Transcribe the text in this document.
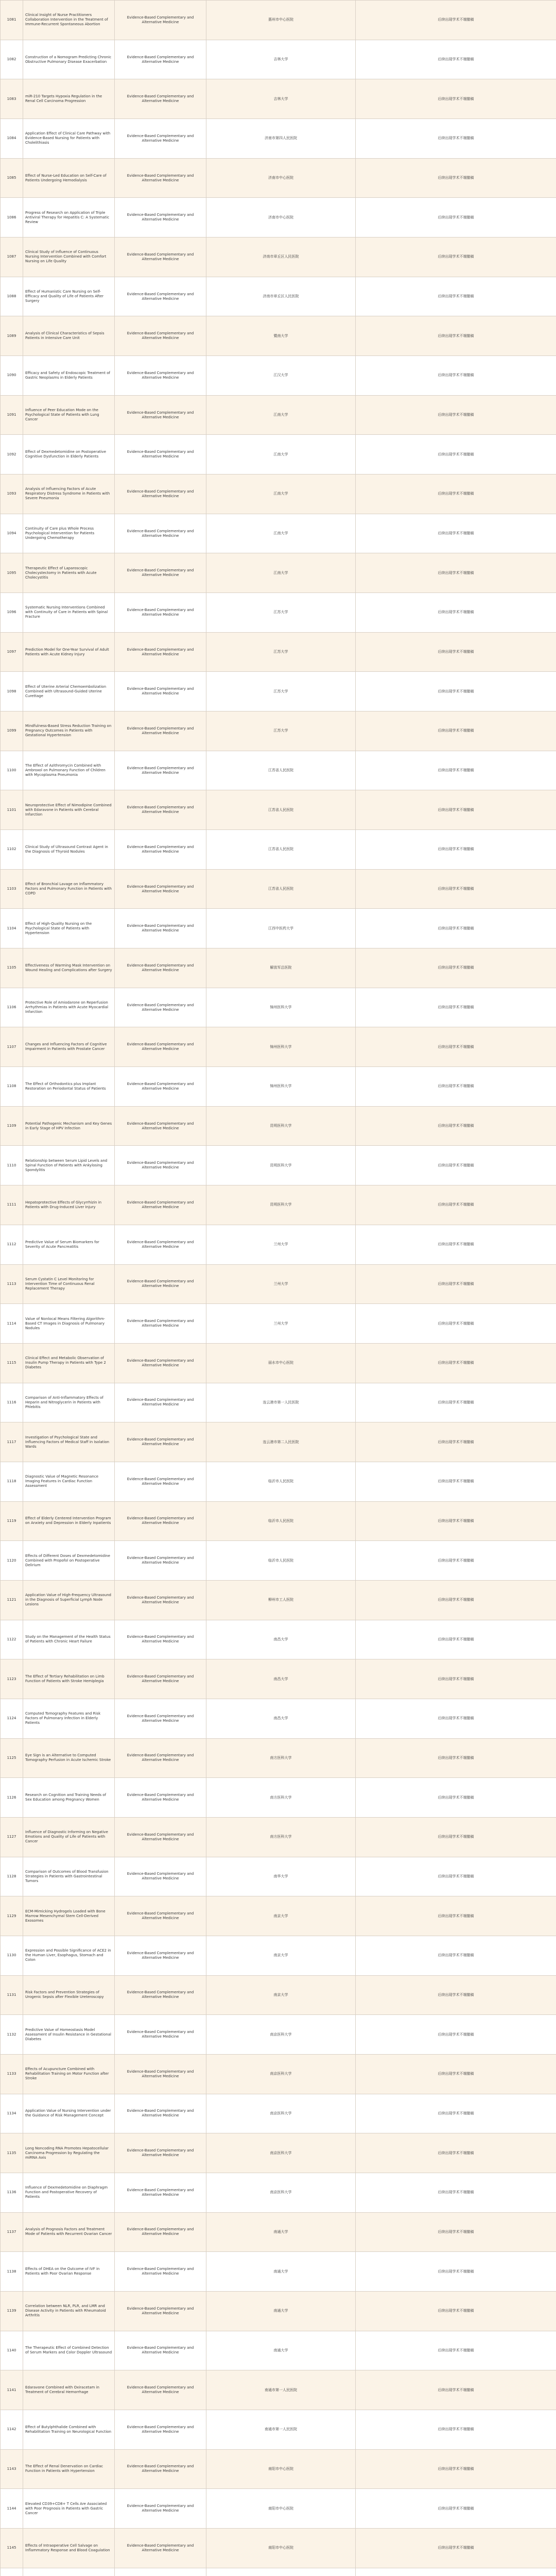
1081	Clinical Insight of Nurse Practitioners Collaboration Intervention in the Treatment of Immune-Recurrent Spontaneous Abortion	Evidence-Based Complementary and Alternative Medicine	惠州市中心医院	后续出现学术不端撤稿
1082	Construction of a Nomogram Predicting Chronic Obstructive Pulmonary Disease Exacerbation	Evidence-Based Complementary and Alternative Medicine	吉林大学	后续出现学术不端撤稿
1083	miR-210 Targets Hypoxia Regulation in the Renal Cell Carcinoma Progression	Evidence-Based Complementary and Alternative Medicine	吉林大学	后续出现学术不端撤稿
1084	Application Effect of Clinical Care Pathway with Evidence-Based Nursing for Patients with Cholelithiasis	Evidence-Based Complementary and Alternative Medicine	济南市第四人民医院	后续出现学术不端撤稿
1085	Effect of Nurse-Led Education on Self-Care of Patients Undergoing Hemodialysis	Evidence-Based Complementary and Alternative Medicine	济南市中心医院	后续出现学术不端撤稿
1086	Progress of Research on Application of Triple Antiviral Therapy for Hepatitis C: A Systematic Review	Evidence-Based Complementary and Alternative Medicine	济南市中心医院	后续出现学术不端撤稿
1087	Clinical Study of Influence of Continuous Nursing Intervention Combined with Comfort Nursing on Life Quality	Evidence-Based Complementary and Alternative Medicine	济南市章丘区人民医院	后续出现学术不端撤稿
1088	Effect of Humanistic Care Nursing on Self-Efficacy and Quality of Life of Patients After Surgery	Evidence-Based Complementary and Alternative Medicine	济南市章丘区人民医院	后续出现学术不端撤稿
1089	Analysis of Clinical Characteristics of Sepsis Patients in Intensive Care Unit	Evidence-Based Complementary and Alternative Medicine	暨南大学	后续出现学术不端撤稿
1090	Efficacy and Safety of Endoscopic Treatment of Gastric Neoplasms in Elderly Patients	Evidence-Based Complementary and Alternative Medicine	江汉大学	后续出现学术不端撤稿
1091	Influence of Peer Education Mode on the Psychological State of Patients with Lung Cancer	Evidence-Based Complementary and Alternative Medicine	江南大学	后续出现学术不端撤稿
1092	Effect of Dexmedetomidine on Postoperative Cognitive Dysfunction in Elderly Patients	Evidence-Based Complementary and Alternative Medicine	江南大学	后续出现学术不端撤稿
1093	Analysis of Influencing Factors of Acute Respiratory Distress Syndrome in Patients with Severe Pneumonia	Evidence-Based Complementary and Alternative Medicine	江南大学	后续出现学术不端撤稿
1094	Continuity of Care plus Whole Process Psychological Intervention for Patients Undergoing Chemotherapy	Evidence-Based Complementary and Alternative Medicine	江南大学	后续出现学术不端撤稿
1095	Therapeutic Effect of Laparoscopic Cholecystectomy in Patients with Acute Cholecystitis	Evidence-Based Complementary and Alternative Medicine	江南大学	后续出现学术不端撤稿
1096	Systematic Nursing Interventions Combined with Continuity of Care in Patients with Spinal Fracture	Evidence-Based Complementary and Alternative Medicine	江苏大学	后续出现学术不端撤稿
1097	Prediction Model for One-Year Survival of Adult Patients with Acute Kidney Injury	Evidence-Based Complementary and Alternative Medicine	江苏大学	后续出现学术不端撤稿
1098	Effect of Uterine Arterial Chemoembolization Combined with Ultrasound-Guided Uterine Curettage	Evidence-Based Complementary and Alternative Medicine	江苏大学	后续出现学术不端撤稿
1099	Mindfulness-Based Stress Reduction Training on Pregnancy Outcomes in Patients with Gestational Hypertension	Evidence-Based Complementary and Alternative Medicine	江苏大学	后续出现学术不端撤稿
1100	The Effect of Azithromycin Combined with Ambroxol on Pulmonary Function of Children with Mycoplasma Pneumonia	Evidence-Based Complementary and Alternative Medicine	江苏省人民医院	后续出现学术不端撤稿
1101	Neuroprotective Effect of Nimodipine Combined with Edaravone in Patients with Cerebral Infarction	Evidence-Based Complementary and Alternative Medicine	江苏省人民医院	后续出现学术不端撤稿
1102	Clinical Study of Ultrasound Contrast Agent in the Diagnosis of Thyroid Nodules	Evidence-Based Complementary and Alternative Medicine	江苏省人民医院	后续出现学术不端撤稿
1103	Effect of Bronchial Lavage on Inflammatory Factors and Pulmonary Function in Patients with COPD	Evidence-Based Complementary and Alternative Medicine	江苏省人民医院	后续出现学术不端撤稿
1104	Effect of High-Quality Nursing on the Psychological State of Patients with Hypertension	Evidence-Based Complementary and Alternative Medicine	江西中医药大学	后续出现学术不端撤稿
1105	Effectiveness of Warming Mask Intervention on Wound Healing and Complications after Surgery	Evidence-Based Complementary and Alternative Medicine	解放军总医院	后续出现学术不端撤稿
1106	Protective Role of Amiodarone on Reperfusion Arrhythmias in Patients with Acute Myocardial Infarction	Evidence-Based Complementary and Alternative Medicine	锦州医科大学	后续出现学术不端撤稿
1107	Changes and Influencing Factors of Cognitive Impairment in Patients with Prostate Cancer	Evidence-Based Complementary and Alternative Medicine	锦州医科大学	后续出现学术不端撤稿
1108	The Effect of Orthodontics plus Implant Restoration on Periodontal Status of Patients	Evidence-Based Complementary and Alternative Medicine	锦州医科大学	后续出现学术不端撤稿
1109	Potential Pathogenic Mechanism and Key Genes in Early Stage of HPV Infection	Evidence-Based Complementary and Alternative Medicine	昆明医科大学	后续出现学术不端撤稿
1110	Relationship between Serum Lipid Levels and Spinal Function of Patients with Ankylosing Spondylitis	Evidence-Based Complementary and Alternative Medicine	昆明医科大学	后续出现学术不端撤稿
1111	Hepatoprotective Effects of Glycyrrhizin in Patients with Drug-Induced Liver Injury	Evidence-Based Complementary and Alternative Medicine	昆明医科大学	后续出现学术不端撤稿
1112	Predictive Value of Serum Biomarkers for Severity of Acute Pancreatitis	Evidence-Based Complementary and Alternative Medicine	兰州大学	后续出现学术不端撤稿
1113	Serum Cystatin C Level Monitoring for Intervention Time of Continuous Renal Replacement Therapy	Evidence-Based Complementary and Alternative Medicine	兰州大学	后续出现学术不端撤稿
1114	Value of Nonlocal Means Filtering Algorithm-Based CT Images in Diagnosis of Pulmonary Nodules	Evidence-Based Complementary and Alternative Medicine	兰州大学	后续出现学术不端撤稿
1115	Clinical Effect and Metabolic Observation of Insulin Pump Therapy in Patients with Type 2 Diabetes	Evidence-Based Complementary and Alternative Medicine	丽水市中心医院	后续出现学术不端撤稿
1116	Comparison of Anti-Inflammatory Effects of Heparin and Nitroglycerin in Patients with Phlebitis	Evidence-Based Complementary and Alternative Medicine	连云港市第一人民医院	后续出现学术不端撤稿
1117	Investigation of Psychological State and Influencing Factors of Medical Staff in Isolation Wards	Evidence-Based Complementary and Alternative Medicine	连云港市第二人民医院	后续出现学术不端撤稿
1118	Diagnostic Value of Magnetic Resonance Imaging Features in Cardiac Function Assessment	Evidence-Based Complementary and Alternative Medicine	临沂市人民医院	后续出现学术不端撤稿
1119	Effect of Elderly Centered Intervention Program on Anxiety and Depression in Elderly Inpatients	Evidence-Based Complementary and Alternative Medicine	临沂市人民医院	后续出现学术不端撤稿
1120	Effects of Different Doses of Dexmedetomidine Combined with Propofol on Postoperative Delirium	Evidence-Based Complementary and Alternative Medicine	临沂市人民医院	后续出现学术不端撤稿
1121	Application Value of High-Frequency Ultrasound in the Diagnosis of Superficial Lymph Node Lesions	Evidence-Based Complementary and Alternative Medicine	柳州市工人医院	后续出现学术不端撤稿
1122	Study on the Management of the Health Status of Patients with Chronic Heart Failure	Evidence-Based Complementary and Alternative Medicine	南昌大学	后续出现学术不端撤稿
1123	The Effect of Tertiary Rehabilitation on Limb Function of Patients with Stroke Hemiplegia	Evidence-Based Complementary and Alternative Medicine	南昌大学	后续出现学术不端撤稿
1124	Computed Tomography Features and Risk Factors of Pulmonary Infection in Elderly Patients	Evidence-Based Complementary and Alternative Medicine	南昌大学	后续出现学术不端撤稿
1125	Eye Sign is an Alternative to Computed Tomography Perfusion in Acute Ischemic Stroke	Evidence-Based Complementary and Alternative Medicine	南方医科大学	后续出现学术不端撤稿
1126	Research on Cognition and Training Needs of Sex Education among Pregnancy Women	Evidence-Based Complementary and Alternative Medicine	南方医科大学	后续出现学术不端撤稿
1127	Influence of Diagnostic Informing on Negative Emotions and Quality of Life of Patients with Cancer	Evidence-Based Complementary and Alternative Medicine	南方医科大学	后续出现学术不端撤稿
1128	Comparison of Outcomes of Blood Transfusion Strategies in Patients with Gastrointestinal Tumors	Evidence-Based Complementary and Alternative Medicine	南华大学	后续出现学术不端撤稿
1129	ECM-Mimicking Hydrogels Loaded with Bone Marrow Mesenchymal Stem Cell-Derived Exosomes	Evidence-Based Complementary and Alternative Medicine	南京大学	后续出现学术不端撤稿
1130	Expression and Possible Significance of ACE2 in the Human Liver, Esophagus, Stomach and Colon	Evidence-Based Complementary and Alternative Medicine	南京大学	后续出现学术不端撤稿
1131	Risk Factors and Prevention Strategies of Urogenic Sepsis after Flexible Ureteroscopy	Evidence-Based Complementary and Alternative Medicine	南京大学	后续出现学术不端撤稿
1132	Predictive Value of Homeostasis Model Assessment of Insulin Resistance in Gestational Diabetes	Evidence-Based Complementary and Alternative Medicine	南京医科大学	后续出现学术不端撤稿
1133	Effects of Acupuncture Combined with Rehabilitation Training on Motor Function after Stroke	Evidence-Based Complementary and Alternative Medicine	南京医科大学	后续出现学术不端撤稿
1134	Application Value of Nursing Intervention under the Guidance of Risk Management Concept	Evidence-Based Complementary and Alternative Medicine	南京医科大学	后续出现学术不端撤稿
1135	Long Noncoding RNA Promotes Hepatocellular Carcinoma Progression by Regulating the miRNA Axis	Evidence-Based Complementary and Alternative Medicine	南京医科大学	后续出现学术不端撤稿
1136	Influence of Dexmedetomidine on Diaphragm Function and Postoperative Recovery of Patients	Evidence-Based Complementary and Alternative Medicine	南京医科大学	后续出现学术不端撤稿
1137	Analysis of Prognosis Factors and Treatment Mode of Patients with Recurrent Ovarian Cancer	Evidence-Based Complementary and Alternative Medicine	南通大学	后续出现学术不端撤稿
1138	Effects of DHEA on the Outcome of IVF in Patients with Poor Ovarian Response	Evidence-Based Complementary and Alternative Medicine	南通大学	后续出现学术不端撤稿
1139	Correlation between NLR, PLR, and LMR and Disease Activity in Patients with Rheumatoid Arthritis	Evidence-Based Complementary and Alternative Medicine	南通大学	后续出现学术不端撤稿
1140	The Therapeutic Effect of Combined Detection of Serum Markers and Color Doppler Ultrasound	Evidence-Based Complementary and Alternative Medicine	南通大学	后续出现学术不端撤稿
1141	Edaravone Combined with Oxiracetam in Treatment of Cerebral Hemorrhage	Evidence-Based Complementary and Alternative Medicine	南通市第一人民医院	后续出现学术不端撤稿
1142	Effect of Butylphthalide Combined with Rehabilitation Training on Neurological Function	Evidence-Based Complementary and Alternative Medicine	南通市第一人民医院	后续出现学术不端撤稿
1143	The Effect of Renal Denervation on Cardiac Function in Patients with Hypertension	Evidence-Based Complementary and Alternative Medicine	南阳市中心医院	后续出现学术不端撤稿
1144	Elevated CD39+CD8+ T Cells Are Associated with Poor Prognosis in Patients with Gastric Cancer	Evidence-Based Complementary and Alternative Medicine	南阳市中心医院	后续出现学术不端撤稿
1145	Effects of Intraoperative Cell Salvage on Inflammatory Response and Blood Coagulation	Evidence-Based Complementary and Alternative Medicine	南阳市中心医院	后续出现学术不端撤稿
